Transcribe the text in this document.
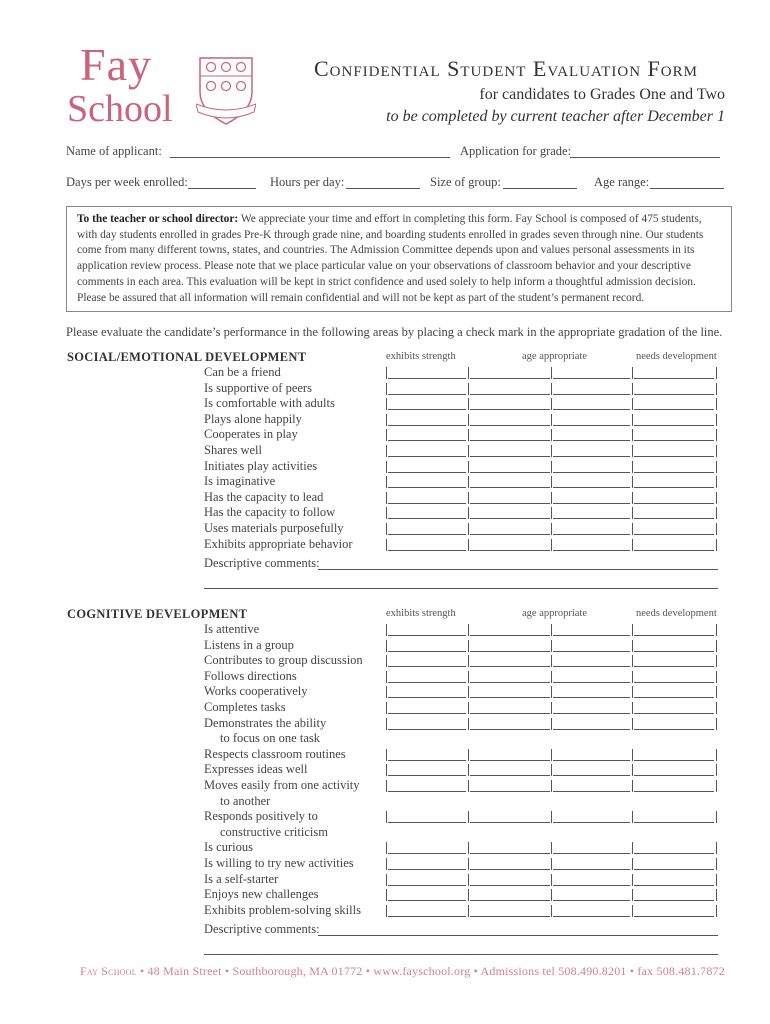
Fay
School
Confidential Student Evaluation Form
for candidates to Grades One and Two
to be completed by current teacher after December 1
Name of applicant:	Application for grade:
Days per week enrolled:	Hours per day:	Size of group:	Age range:
To the teacher or school director: We appreciate your time and effort in completing this form. Fay School is composed of 475 students, with day students enrolled in grades Pre-K through grade nine, and boarding students enrolled in grades seven through nine. Our students come from many different towns, states, and countries. The Admission Committee depends upon and values personal assessments in its application review process. Please note that we place particular value on your observations of classroom behavior and your descriptive comments in each area. This evaluation will be kept in strict confidence and used solely to help inform a thoughtful admission decision. Please be assured that all information will remain confidential and will not be kept as part of the student’s permanent record.
Please evaluate the candidate’s performance in the following areas by placing a check mark in the appropriate gradation of the line.
SOCIAL/EMOTIONAL DEVELOPMENT	exhibits strength	age appropriate	needs development
Can be a friend
Is supportive of peers
Is comfortable with adults
Plays alone happily
Cooperates in play
Shares well
Initiates play activities
Is imaginative
Has the capacity to lead
Has the capacity to follow
Uses materials purposefully
Exhibits appropriate behavior
Descriptive comments:
COGNITIVE DEVELOPMENT	exhibits strength	age appropriate	needs development
Is attentive
Listens in a group
Contributes to group discussion
Follows directions
Works cooperatively
Completes tasks
Demonstrates the ability
to focus on one task
Respects classroom routines
Expresses ideas well
Moves easily from one activity
to another
Responds positively to
constructive criticism
Is curious
Is willing to try new activities
Is a self-starter
Enjoys new challenges
Exhibits problem-solving skills
Descriptive comments:
Fay School • 48 Main Street • Southborough, MA 01772 • www.fayschool.org • Admissions tel 508.490.8201 • fax 508.481.7872
